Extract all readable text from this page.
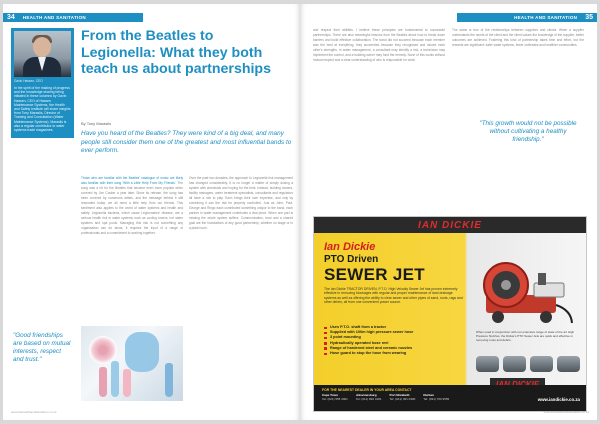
34	HEALTH AND SANITATION
Gavin Hassen, CEO
In the spirit of the making of progress and the knowledge sharing being initiated in these columns by Gavin Hassen, CEO of Hassen Maintenance Systems, the Health and Safety Institute will share insights from Tony Maraslis, Director of Training and Consultation (Water Maintenance Systems). Maraslis is also a regular contributor to water systems trade magazines.
From the Beatles to Legionella: What they both teach us about partnerships
By Tony Maraslis
Have you heard of the Beatles? They were kind of a big deal, and many people still consider them one of the greatest and most influential bands to ever perform.
Those who are familiar with the Beatles' catalogue of music are likely also familiar with their song 'With a Little Help From My Friends'. The song was a hit for the Beatles that became even more popular when covered by Joe Cocker a year later. Since its release, the song has been covered by numerous artists, and the message behind it still resonates today: we all need a little help from our friends. This sentiment also applies to the world of water systems and health and safety. Legionella bacteria, which cause Legionnaires' disease, are a serious health risk in water systems such as cooling towers, hot water systems and spa pools. Managing this risk is not something any organisation can do alone, it requires the input of a range of professionals and a commitment to working together.
Over the past two decades, the approach to Legionella risk management has changed considerably. It is no longer a matter of simply dosing a system with chemicals and hoping for the best. Instead, building owners, facility managers, water treatment specialists, consultants and regulators all have a role to play. Each brings their own expertise, and only by combining it can the risk be properly controlled. Just as John, Paul, George and Ringo each contributed something unique to the band, each partner in water management contributes a vital piece. When one part is missing the whole system suffers. Communication, trust and a shared goal are the foundations of any good partnership, whether on stage or in a plant room.
"Good friendships are based on mutual interests, respect and trust."
www.thehealthandsanitation.co.za
HEALTH AND SANITATION	35
and respect their abilities. I believe these principles are fundamental to successful partnerships. There are also meaningful lessons from the Beatles about how to break down barriers and build effective collaboration. The band did not succeed because each member was the best at everything, they succeeded because they recognised and valued each other's strengths. In water management, a consultant may identify a risk, a technician may implement the control, and a building owner may fund the remedy. None of this works without mutual respect and a clear understanding of who is responsible for what.
The same is true of the relationships between suppliers and clients. When a supplier understands the needs of the client and the client values the knowledge of the supplier, better outcomes are achieved. Fostering this kind of partnership takes time and effort, but the rewards are significant: safer water systems, fewer outbreaks and healthier communities.
"This growth would not be possible without cultivating a healthy friendship."
IAN DICKIE
Ian Dickie
PTO Driven
SEWER JET
The Ian Dickie TRACTOR DRIVEN, P.T.O. High Velocity Sewer Jet has proven extremely effective in removing blockages with regular and proper maintenance of land drainage systems as well as offering the ability to clear sewer and other pipes of sand, roots, rags and other debris, all from one convenient power source.
Uses P.T.O. shaft from a tractor
Supplied with 100m high pressure sewer hose
3 point mounting
Hydraulically operated hose reel
Range of hardened steel and ceramic nozzles
Hose guard to stop the hose from wearing
When used in conjunction with our extensive range of state of the art High Pressure Nozzles, the Dickie's PTO Sewer Jets are quick and effective in removing roots and debris.
FOR THE NEAREST DEALER IN YOUR AREA CONTACT
Cape Town
Tel: (021) 555 3001
Johannesburg
Tel: (011) 826 4181
Port Elizabeth
Tel: (041) 451 0300
Durban
Tel: (031) 700 9555	www.iandickie.co.za
www.thehealthandsanitation.co.za
